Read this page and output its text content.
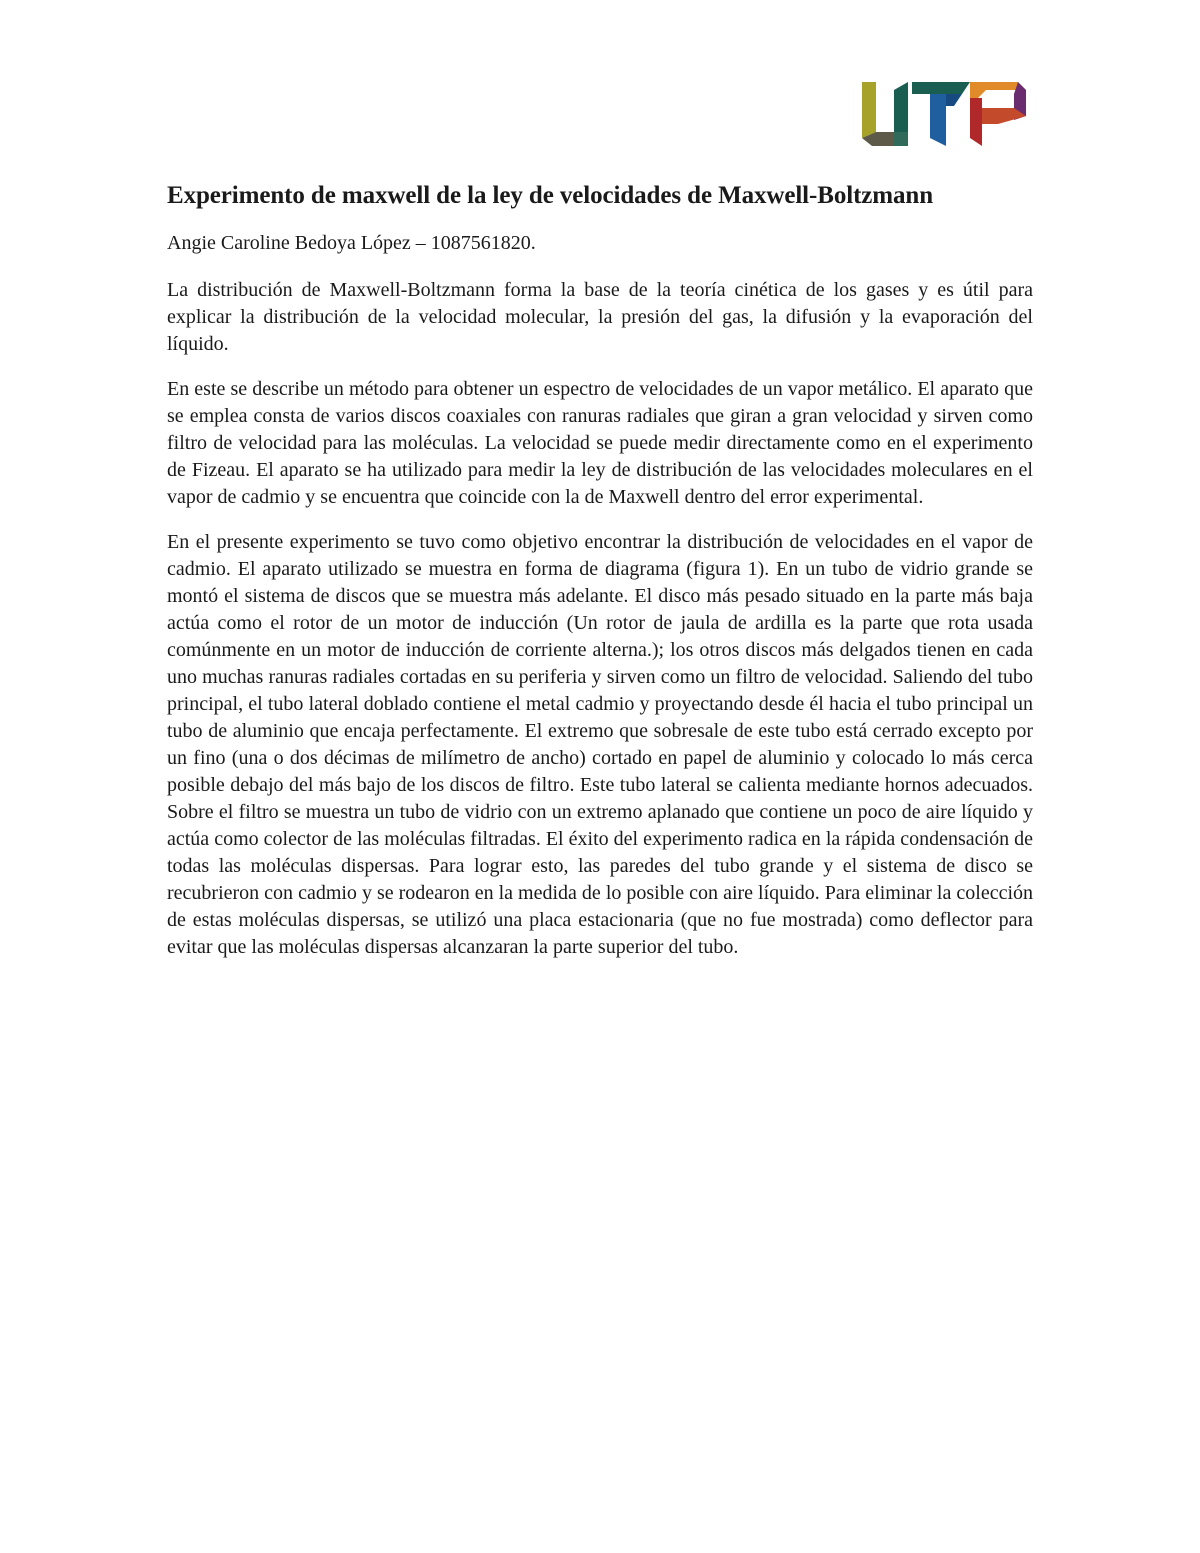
Experimento de maxwell de la ley de velocidades de Maxwell-Boltzmann
Angie Caroline Bedoya López – 1087561820.

La distribución de Maxwell-Boltzmann forma la base de la teoría cinética de los gases y es útil para explicar la distribución de la velocidad molecular, la presión del gas, la difusión y la evaporación del líquido.

En este se describe un método para obtener un espectro de velocidades de un vapor metálico. El aparato que se emplea consta de varios discos coaxiales con ranuras radiales que giran a gran velocidad y sirven como filtro de velocidad para las moléculas. La velocidad se puede medir directamente como en el experimento de Fizeau. El aparato se ha utilizado para medir la ley de distribución de las velocidades moleculares en el vapor de cadmio y se encuentra que coincide con la de Maxwell dentro del error experimental.

En el presente experimento se tuvo como objetivo encontrar la distribución de velocidades en el vapor de cadmio. El aparato utilizado se muestra en forma de diagrama (figura 1). En un tubo de vidrio grande se montó el sistema de discos que se muestra más adelante. El disco más pesado situado en la parte más baja actúa como el rotor de un motor de inducción (Un rotor de jaula de ardilla es la parte que rota usada comúnmente en un motor de inducción de corriente alterna.); los otros discos más delgados tienen en cada uno muchas ranuras radiales cortadas en su periferia y sirven como un filtro de velocidad. Saliendo del tubo principal, el tubo lateral doblado contiene el metal cadmio y proyectando desde él hacia el tubo principal un tubo de aluminio que encaja perfectamente. El extremo que sobresale de este tubo está cerrado excepto por un fino (una o dos décimas de milímetro de ancho) cortado en papel de aluminio y colocado lo más cerca posible debajo del más bajo de los discos de filtro. Este tubo lateral se calienta mediante hornos adecuados. Sobre el filtro se muestra un tubo de vidrio con un extremo aplanado que contiene un poco de aire líquido y actúa como colector de las moléculas filtradas. El éxito del experimento radica en la rápida condensación de todas las moléculas dispersas. Para lograr esto, las paredes del tubo grande y el sistema de disco se recubrieron con cadmio y se rodearon en la medida de lo posible con aire líquido. Para eliminar la colección de estas moléculas dispersas, se utilizó una placa estacionaria (que no fue mostrada) como deflector para evitar que las moléculas dispersas alcanzaran la parte superior del tubo.
